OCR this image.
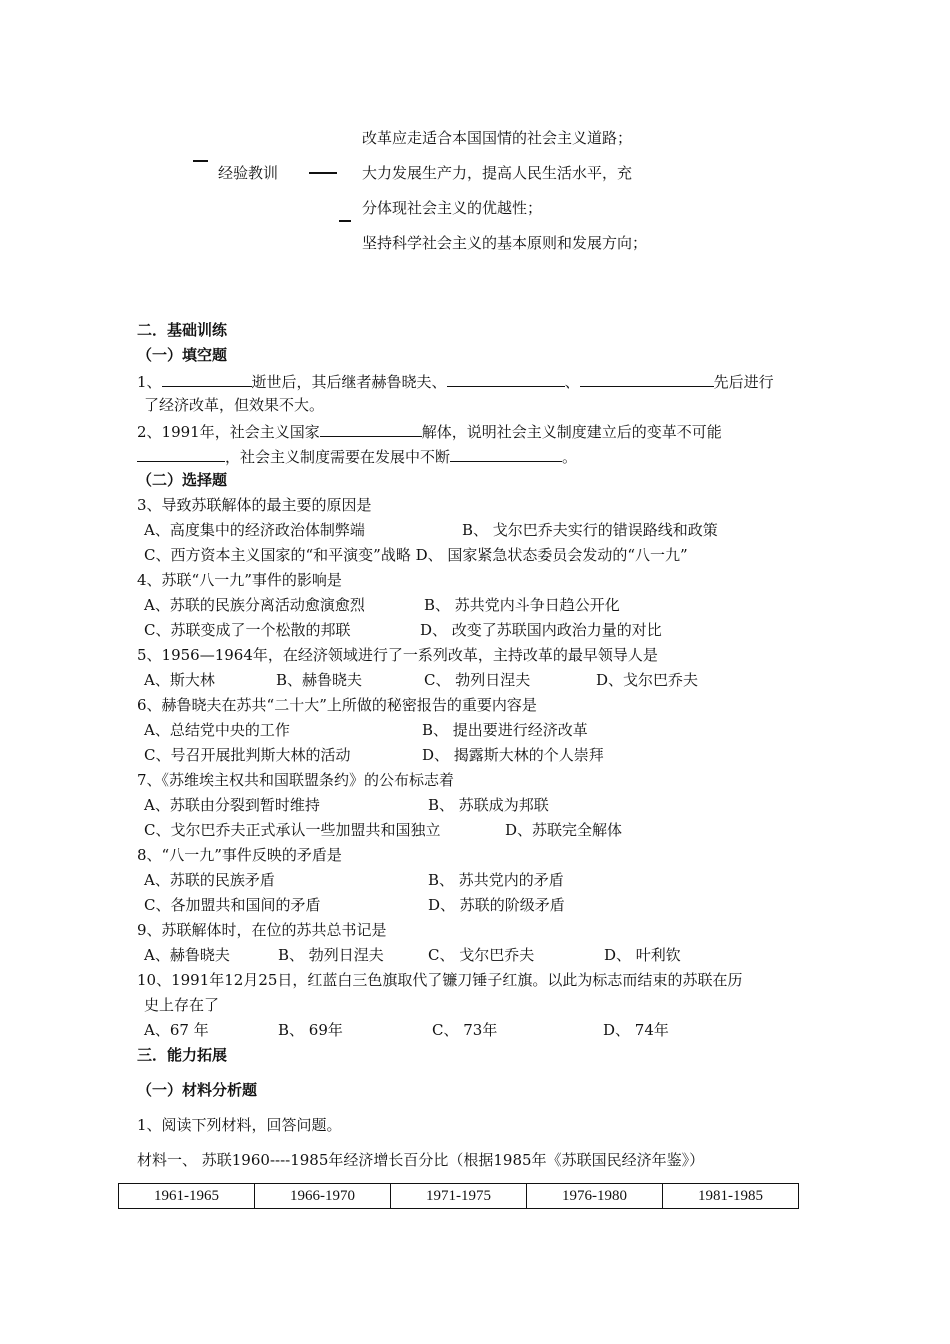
经验教训
改革应走适合本国国情的社会主义道路；
大力发展生产力，提高人民生活水平，充
分体现社会主义的优越性；
坚持科学社会主义的基本原则和发展方向；
二．基础训练
（一）填空题
1、	逝世后，其后继者赫鲁晓夫、	、	先后进行
了经济改革，但效果不大。
2、1991年，社会主义国家	解体，说明社会主义制度建立后的变革不可能
，社会主义制度需要在发展中不断	。
（二）选择题
3、导致苏联解体的最主要的原因是
A、高度集中的经济政治体制弊端	B、 戈尔巴乔夫实行的错误路线和政策
C、西方资本主义国家的“和平演变”战略 D、 国家紧急状态委员会发动的“八一九”
4、苏联“八一九”事件的影响是
A、苏联的民族分离活动愈演愈烈	B、 苏共党内斗争日趋公开化
C、苏联变成了一个松散的邦联	D、 改变了苏联国内政治力量的对比
5、1956—1964年，在经济领域进行了一系列改革，主持改革的最早领导人是
A、斯大林	B、赫鲁晓夫	C、 勃列日涅夫	D、戈尔巴乔夫
6、赫鲁晓夫在苏共“二十大”上所做的秘密报告的重要内容是
A、总结党中央的工作	B、 提出要进行经济改革
C、号召开展批判斯大林的活动	D、 揭露斯大林的个人崇拜
7、《苏维埃主权共和国联盟条约》的公布标志着
A、苏联由分裂到暂时维持	B、 苏联成为邦联
C、戈尔巴乔夫正式承认一些加盟共和国独立	D、苏联完全解体
8、“八一九”事件反映的矛盾是
A、苏联的民族矛盾	B、 苏共党内的矛盾
C、各加盟共和国间的矛盾	D、 苏联的阶级矛盾
9、苏联解体时，在位的苏共总书记是
A、赫鲁晓夫	B、 勃列日涅夫	C、 戈尔巴乔夫	D、 叶利钦
10、1991年12月25日，红蓝白三色旗取代了镰刀锤子红旗。以此为标志而结束的苏联在历
史上存在了
A、67 年	B、 69年	C、 73年	D、 74年
三．能力拓展
（一）材料分析题
1、阅读下列材料，回答问题。
材料一、 苏联1960----1985年经济增长百分比（根据1985年《苏联国民经济年鉴》）
1961-1965	1966-1970	1971-1975	1976-1980	1981-1985
